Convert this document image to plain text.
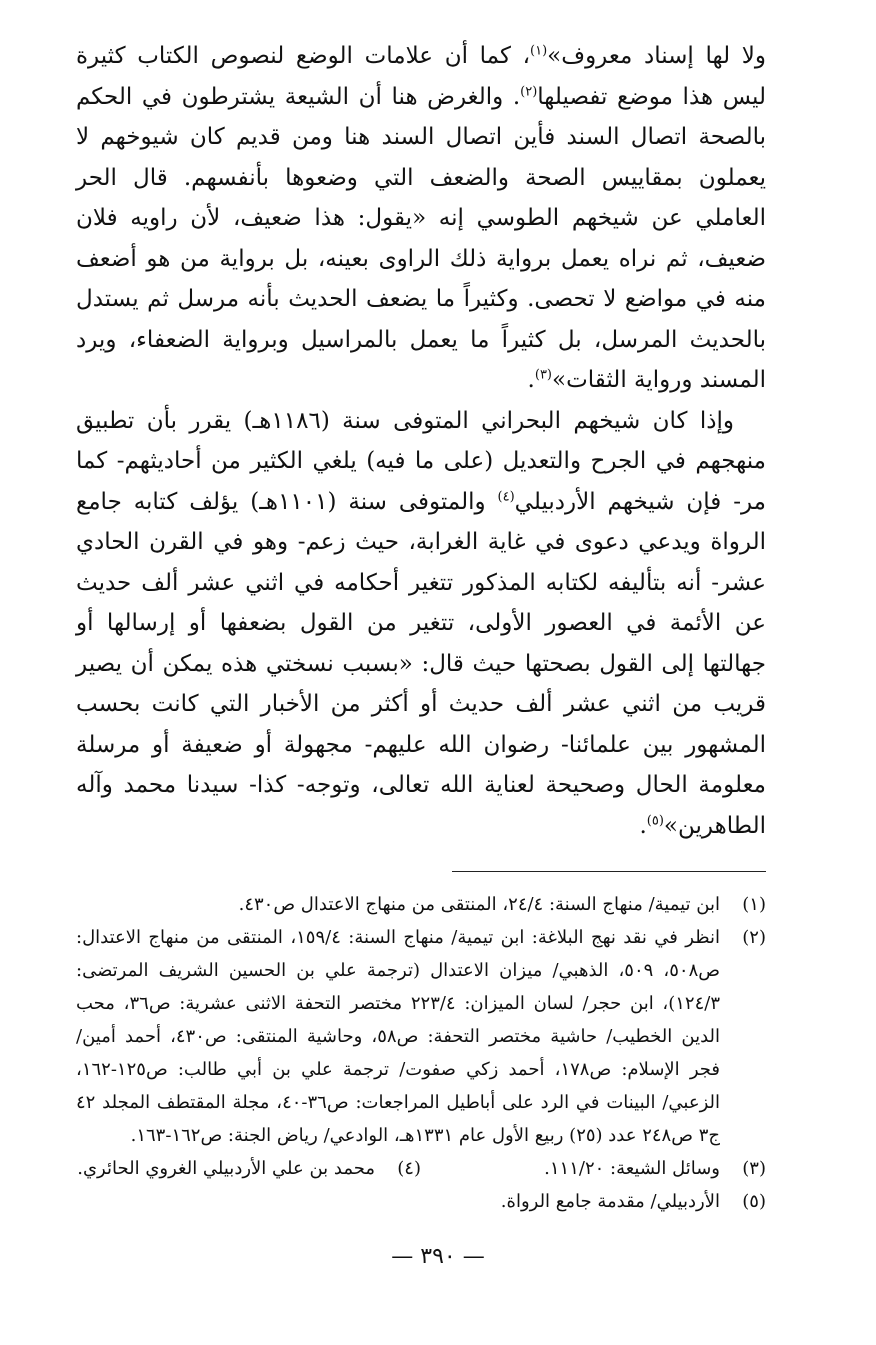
ولا لها إسناد معروف»$^{(١)}$، كما أن علامات الوضع لنصوص الكتاب كثيرة ليس هذا موضع تفصيلها$^{(٢)}$. والغرض هنا أن الشيعة يشترطون في الحكم بالصحة اتصال السند فأين اتصال السند هنا ومن قديم كان شيوخهم لا يعملون بمقاييس الصحة والضعف التي وضعوها بأنفسهم. قال الحر العاملي عن شيخهم الطوسي إنه «يقول: هذا ضعيف، لأن راويه فلان ضعيف، ثم نراه يعمل برواية ذلك الراوى بعينه، بل برواية من هو أضعف منه في مواضع لا تحصى. وكثيراً ما يضعف الحديث بأنه مرسل ثم يستدل بالحديث المرسل، بل كثيراً ما يعمل بالمراسيل وبرواية الضعفاء، ويرد المسند ورواية الثقات»$^{(٣)}$.

وإذا كان شيخهم البحراني المتوفى سنة (١١٨٦هـ) يقرر بأن تطبيق منهجهم في الجرح والتعديل (على ما فيه) يلغي الكثير من أحاديثهم- كما مر- فإن شيخهم الأردبيلي$^{(٤)}$ والمتوفى سنة (١١٠١هـ) يؤلف كتابه جامع الرواة ويدعي دعوى في غاية الغرابة، حيث زعم- وهو في القرن الحادي عشر- أنه بتأليفه لكتابه المذكور تتغير أحكامه في اثني عشر ألف حديث عن الأئمة في العصور الأولى، تتغير من القول بضعفها أو إرسالها أو جهالتها إلى القول بصحتها حيث قال: «بسبب نسختي هذه يمكن أن يصير قريب من اثني عشر ألف حديث أو أكثر من الأخبار التي كانت بحسب المشهور بين علمائنا- رضوان الله عليهم- مجهولة أو ضعيفة أو مرسلة معلومة الحال وصحيحة لعناية الله تعالى، وتوجه- كذا- سيدنا محمد وآله الطاهرين»$^{(٥)}$.

(١)
ابن تيمية/ منهاج السنة: ٢٤/٤، المنتقى من منهاج الاعتدال ص٤٣٠.
(٢)
انظر في نقد نهج البلاغة: ابن تيمية/ منهاج السنة: ١٥٩/٤، المنتقى من منهاج الاعتدال: ص٥٠٨، ٥٠٩، الذهبي/ ميزان الاعتدال (ترجمة علي بن الحسين الشريف المرتضى: ١٢٤/٣)، ابن حجر/ لسان الميزان: ٢٢٣/٤ مختصر التحفة الاثنى عشرية: ص٣٦، محب الدين الخطيب/ حاشية مختصر التحفة: ص٥٨، وحاشية المنتقى: ص٤٣٠، أحمد أمين/ فجر الإسلام: ص١٧٨، أحمد زكي صفوت/ ترجمة علي بن أبي طالب: ص١٢٥-١٦٢، الزعبي/ البينات في الرد على أباطيل المراجعات: ص٣٦-٤٠، مجلة المقتطف المجلد ٤٢ ج٣ ص٢٤٨ عدد (٢٥) ربيع الأول عام ١٣٣١هـ، الوادعي/ رياض الجنة: ص١٦٢-١٦٣.
(٣)
وسائل الشيعة: ١١١/٢٠.
(٤)
محمد بن علي الأردبيلي الغروي الحائري.
(٥)
الأردبيلي/ مقدمة جامع الرواة.
— ٣٩٠ —
